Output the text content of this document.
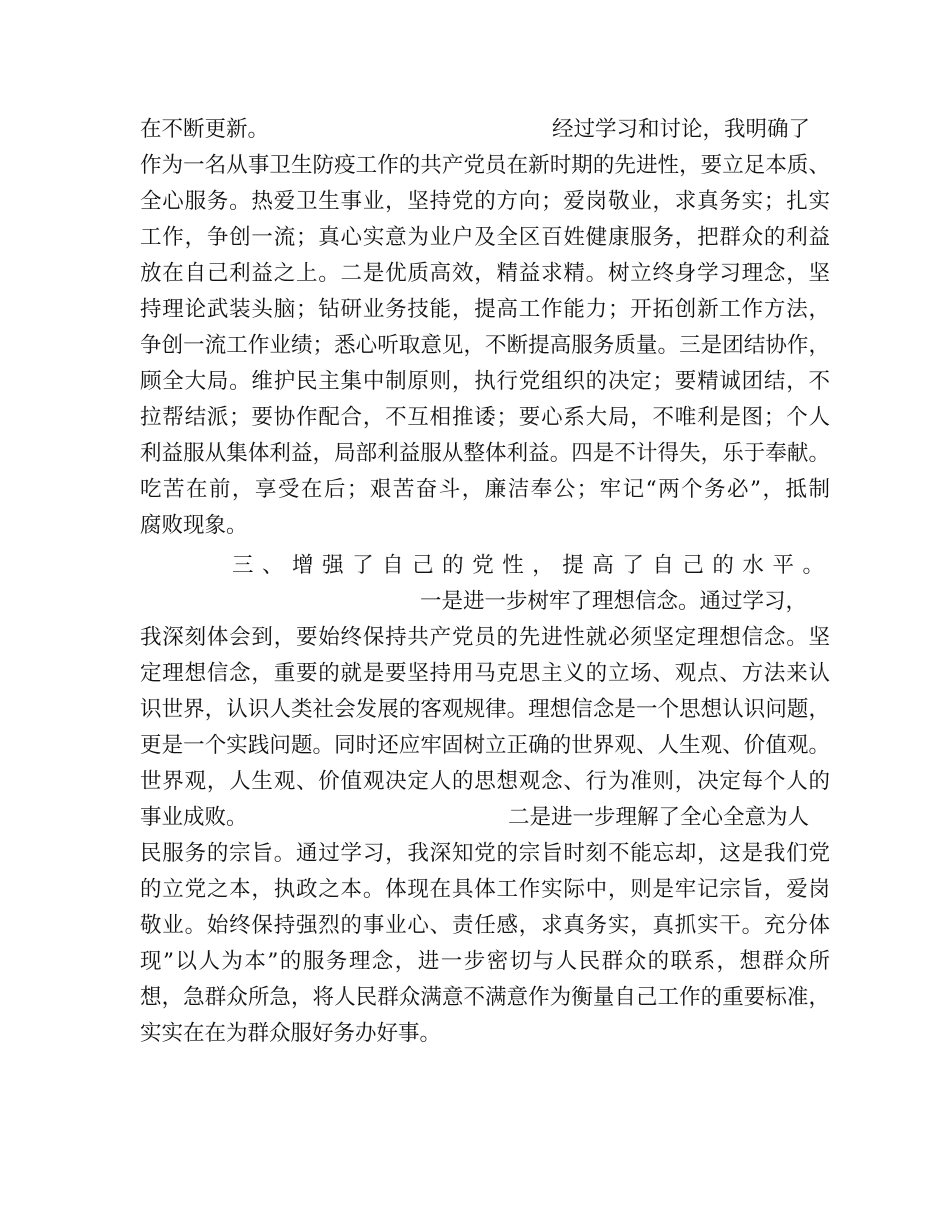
在不断更新。

	经过学习和讨论，我明确了

作为一名从事卫生防疫工作的共产党员在新时期的先进性，要立足本质、
全心服务。热爱卫生事业，坚持党的方向；爱岗敬业，求真务实；扎实
工作，争创一流；真心实意为业户及全区百姓健康服务，把群众的利益
放在自己利益之上。二是优质高效，精益求精。树立终身学习理念，坚
持理论武装头脑；钻研业务技能，提高工作能力；开拓创新工作方法，
争创一流工作业绩；悉心听取意见，不断提高服务质量。三是团结协作，
顾全大局。维护民主集中制原则，执行党组织的决定；要精诚团结，不
拉帮结派；要协作配合，不互相推诿；要心系大局，不唯利是图；个人
利益服从集体利益，局部利益服从整体利益。四是不计得失，乐于奉献。
吃苦在前，享受在后；艰苦奋斗，廉洁奉公；牢记“两个务必”，抵制
腐败现象。
三、增强了自己的党性，提高了自己的水平。
一是进一步树牢了理想信念。通过学习，
我深刻体会到，要始终保持共产党员的先进性就必须坚定理想信念。坚
定理想信念，重要的就是要坚持用马克思主义的立场、观点、方法来认
识世界，认识人类社会发展的客观规律。理想信念是一个思想认识问题，
更是一个实践问题。同时还应牢固树立正确的世界观、人生观、价值观。
世界观，人生观、价值观决定人的思想观念、行为准则，决定每个人的

事业成败。

	二是进一步理解了全心全意为人

民服务的宗旨。通过学习，我深知党的宗旨时刻不能忘却，这是我们党
的立党之本，执政之本。体现在具体工作实际中，则是牢记宗旨，爱岗
敬业。始终保持强烈的事业心、责任感，求真务实，真抓实干。充分体
现”以人为本”的服务理念，进一步密切与人民群众的联系，想群众所
想，急群众所急，将人民群众满意不满意作为衡量自己工作的重要标准，
实实在在为群众服好务办好事。
